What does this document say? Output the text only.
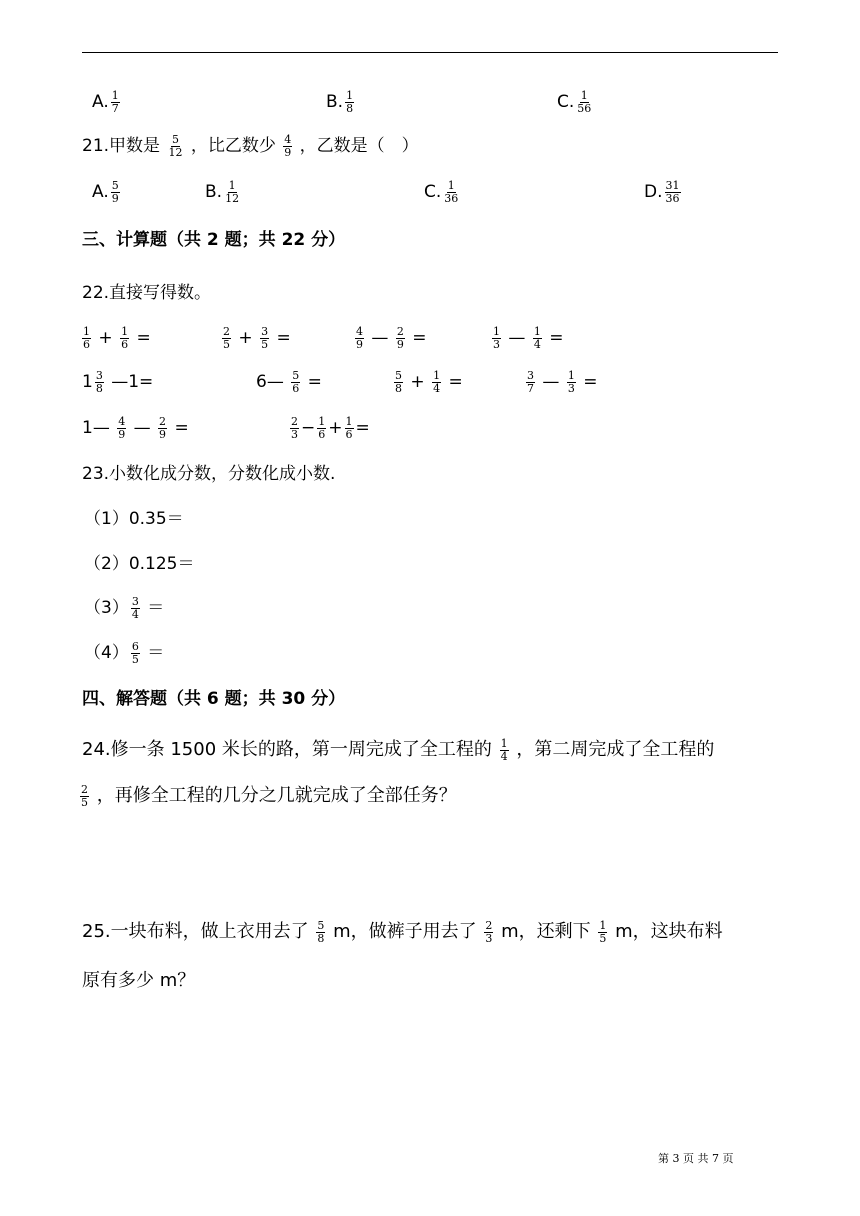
A. $\frac{1}{7}$	B. $\frac{1}{8}$	C. $\frac{1}{56}$
21.甲数是 $\frac{5}{12}$ ，比乙数少 $\frac{4}{9}$ ，乙数是（　）
A. $\frac{5}{9}$	B. $\frac{1}{12}$	C. $\frac{1}{36}$	D. $\frac{31}{36}$
三、计算题（共 2 题；共 22 分）
22.直接写得数。
$\frac{1}{6} + \frac{1}{6}$ =	$\frac{2}{5} + \frac{3}{5}$ =	$\frac{4}{9}$ — $\frac{2}{9}$ =	$\frac{1}{3}$ — $\frac{1}{4}$ =
$1 \frac{3}{8}$ —1=	6— $\frac{5}{6}$ =	$\frac{5}{8} + \frac{1}{4}$ =	$\frac{3}{7}$ — $\frac{1}{3}$ =
1— $\frac{4}{9}$ — $\frac{2}{9}$ =	$\frac{2}{3} - \frac{1}{6} + \frac{1}{6}$ =
23.小数化成分数，分数化成小数.
（1）0.35＝
（2）0.125＝
$(3) \frac{3}{4}$ ＝
$(4) \frac{6}{5}$ ＝
四、解答题（共 6 题；共 30 分）
24.修一条 1500 米长的路，第一周完成了全工程的 $\frac{1}{4}$ ，第二周完成了全工程的
$\frac{2}{5}$ ，再修全工程的几分之几就完成了全部任务？
25.一块布料，做上衣用去了 $\frac{5}{8}$ m，做裤子用去了 $\frac{2}{3}$ m，还剩下 $\frac{1}{5}$ m，这块布料
原有多少 m？
第 3 页 共 7 页
